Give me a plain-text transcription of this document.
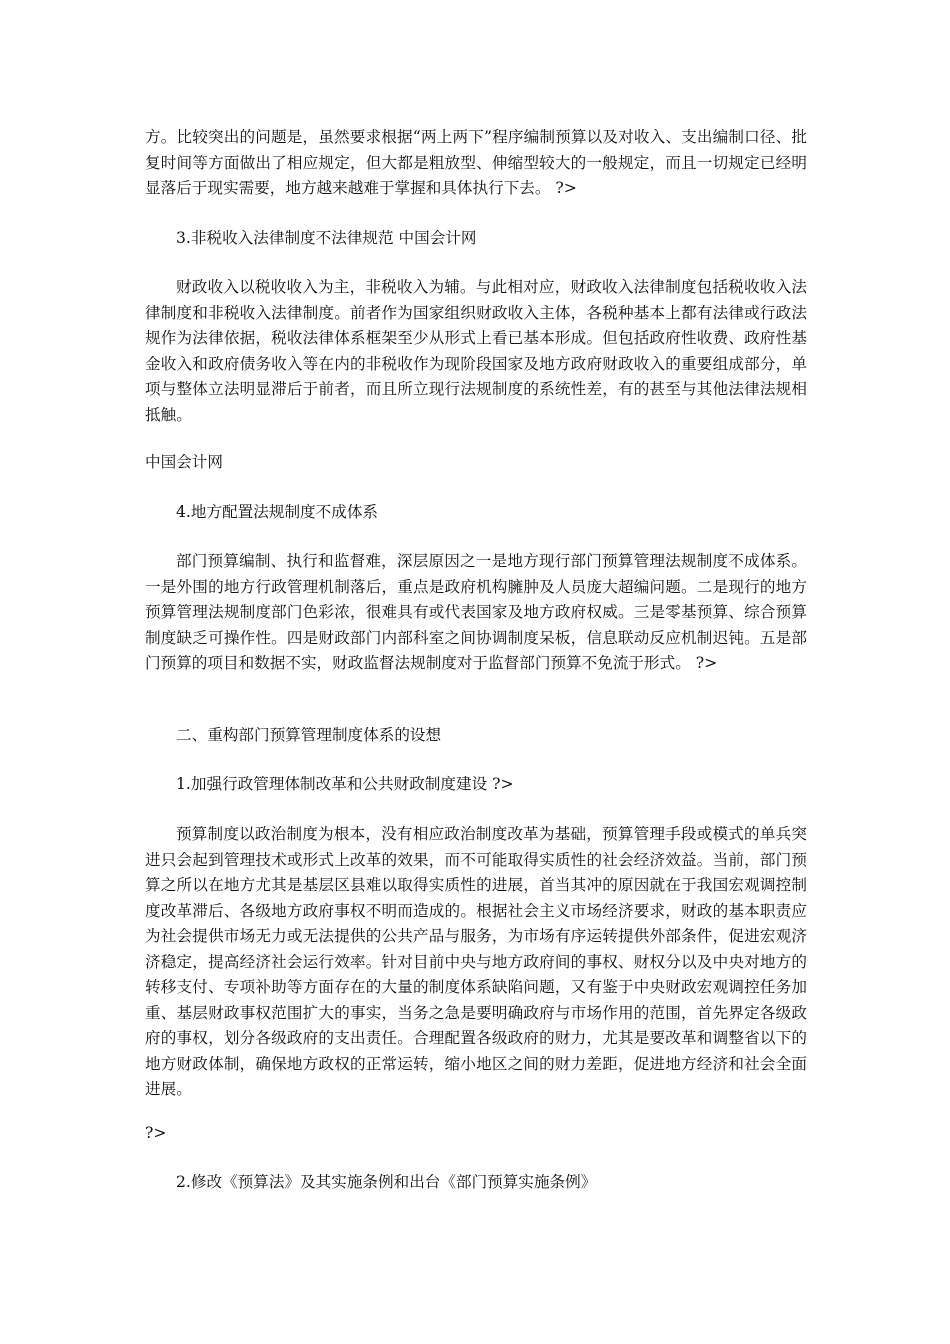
方。比较突出的问题是，虽然要求根据“两上两下”程序编制预算以及对收入、支出编制口径、批复时间等方面做出了相应规定，但大都是粗放型、伸缩型较大的一般规定，而且一切规定已经明显落后于现实需要，地方越来越难于掌握和具体执行下去。 ?>

3.非税收入法律制度不法律规范 中国会计网

财政收入以税收收入为主，非税收入为辅。与此相对应，财政收入法律制度包括税收收入法律制度和非税收入法律制度。前者作为国家组织财政收入主体，各税种基本上都有法律或行政法规作为法律依据，税收法律体系框架至少从形式上看已基本形成。但包括政府性收费、政府性基金收入和政府债务收入等在内的非税收作为现阶段国家及地方政府财政收入的重要组成部分，单项与整体立法明显滞后于前者，而且所立现行法规制度的系统性差，有的甚至与其他法律法规相抵触。

中国会计网

4.地方配置法规制度不成体系

部门预算编制、执行和监督难，深层原因之一是地方现行部门预算管理法规制度不成体系。一是外围的地方行政管理机制落后，重点是政府机构臃肿及人员庞大超编问题。二是现行的地方预算管理法规制度部门色彩浓，很难具有或代表国家及地方政府权威。三是零基预算、综合预算制度缺乏可操作性。四是财政部门内部科室之间协调制度呆板，信息联动反应机制迟钝。五是部门预算的项目和数据不实，财政监督法规制度对于监督部门预算不免流于形式。 ?>

二、重构部门预算管理制度体系的设想

1.加强行政管理体制改革和公共财政制度建设 ?>

预算制度以政治制度为根本，没有相应政治制度改革为基础，预算管理手段或模式的单兵突进只会起到管理技术或形式上改革的效果，而不可能取得实质性的社会经济效益。当前，部门预算之所以在地方尤其是基层区县难以取得实质性的进展，首当其冲的原因就在于我国宏观调控制度改革滞后、各级地方政府事权不明而造成的。根据社会主义市场经济要求，财政的基本职责应为社会提供市场无力或无法提供的公共产品与服务，为市场有序运转提供外部条件，促进宏观济济稳定，提高经济社会运行效率。针对目前中央与地方政府间的事权、财权分以及中央对地方的转移支付、专项补助等方面存在的大量的制度体系缺陷问题，又有鉴于中央财政宏观调控任务加重、基层财政事权范围扩大的事实，当务之急是要明确政府与市场作用的范围，首先界定各级政府的事权，划分各级政府的支出责任。合理配置各级政府的财力，尤其是要改革和调整省以下的地方财政体制，确保地方政权的正常运转，缩小地区之间的财力差距，促进地方经济和社会全面进展。

?>

2.修改《预算法》及其实施条例和出台《部门预算实施条例》
